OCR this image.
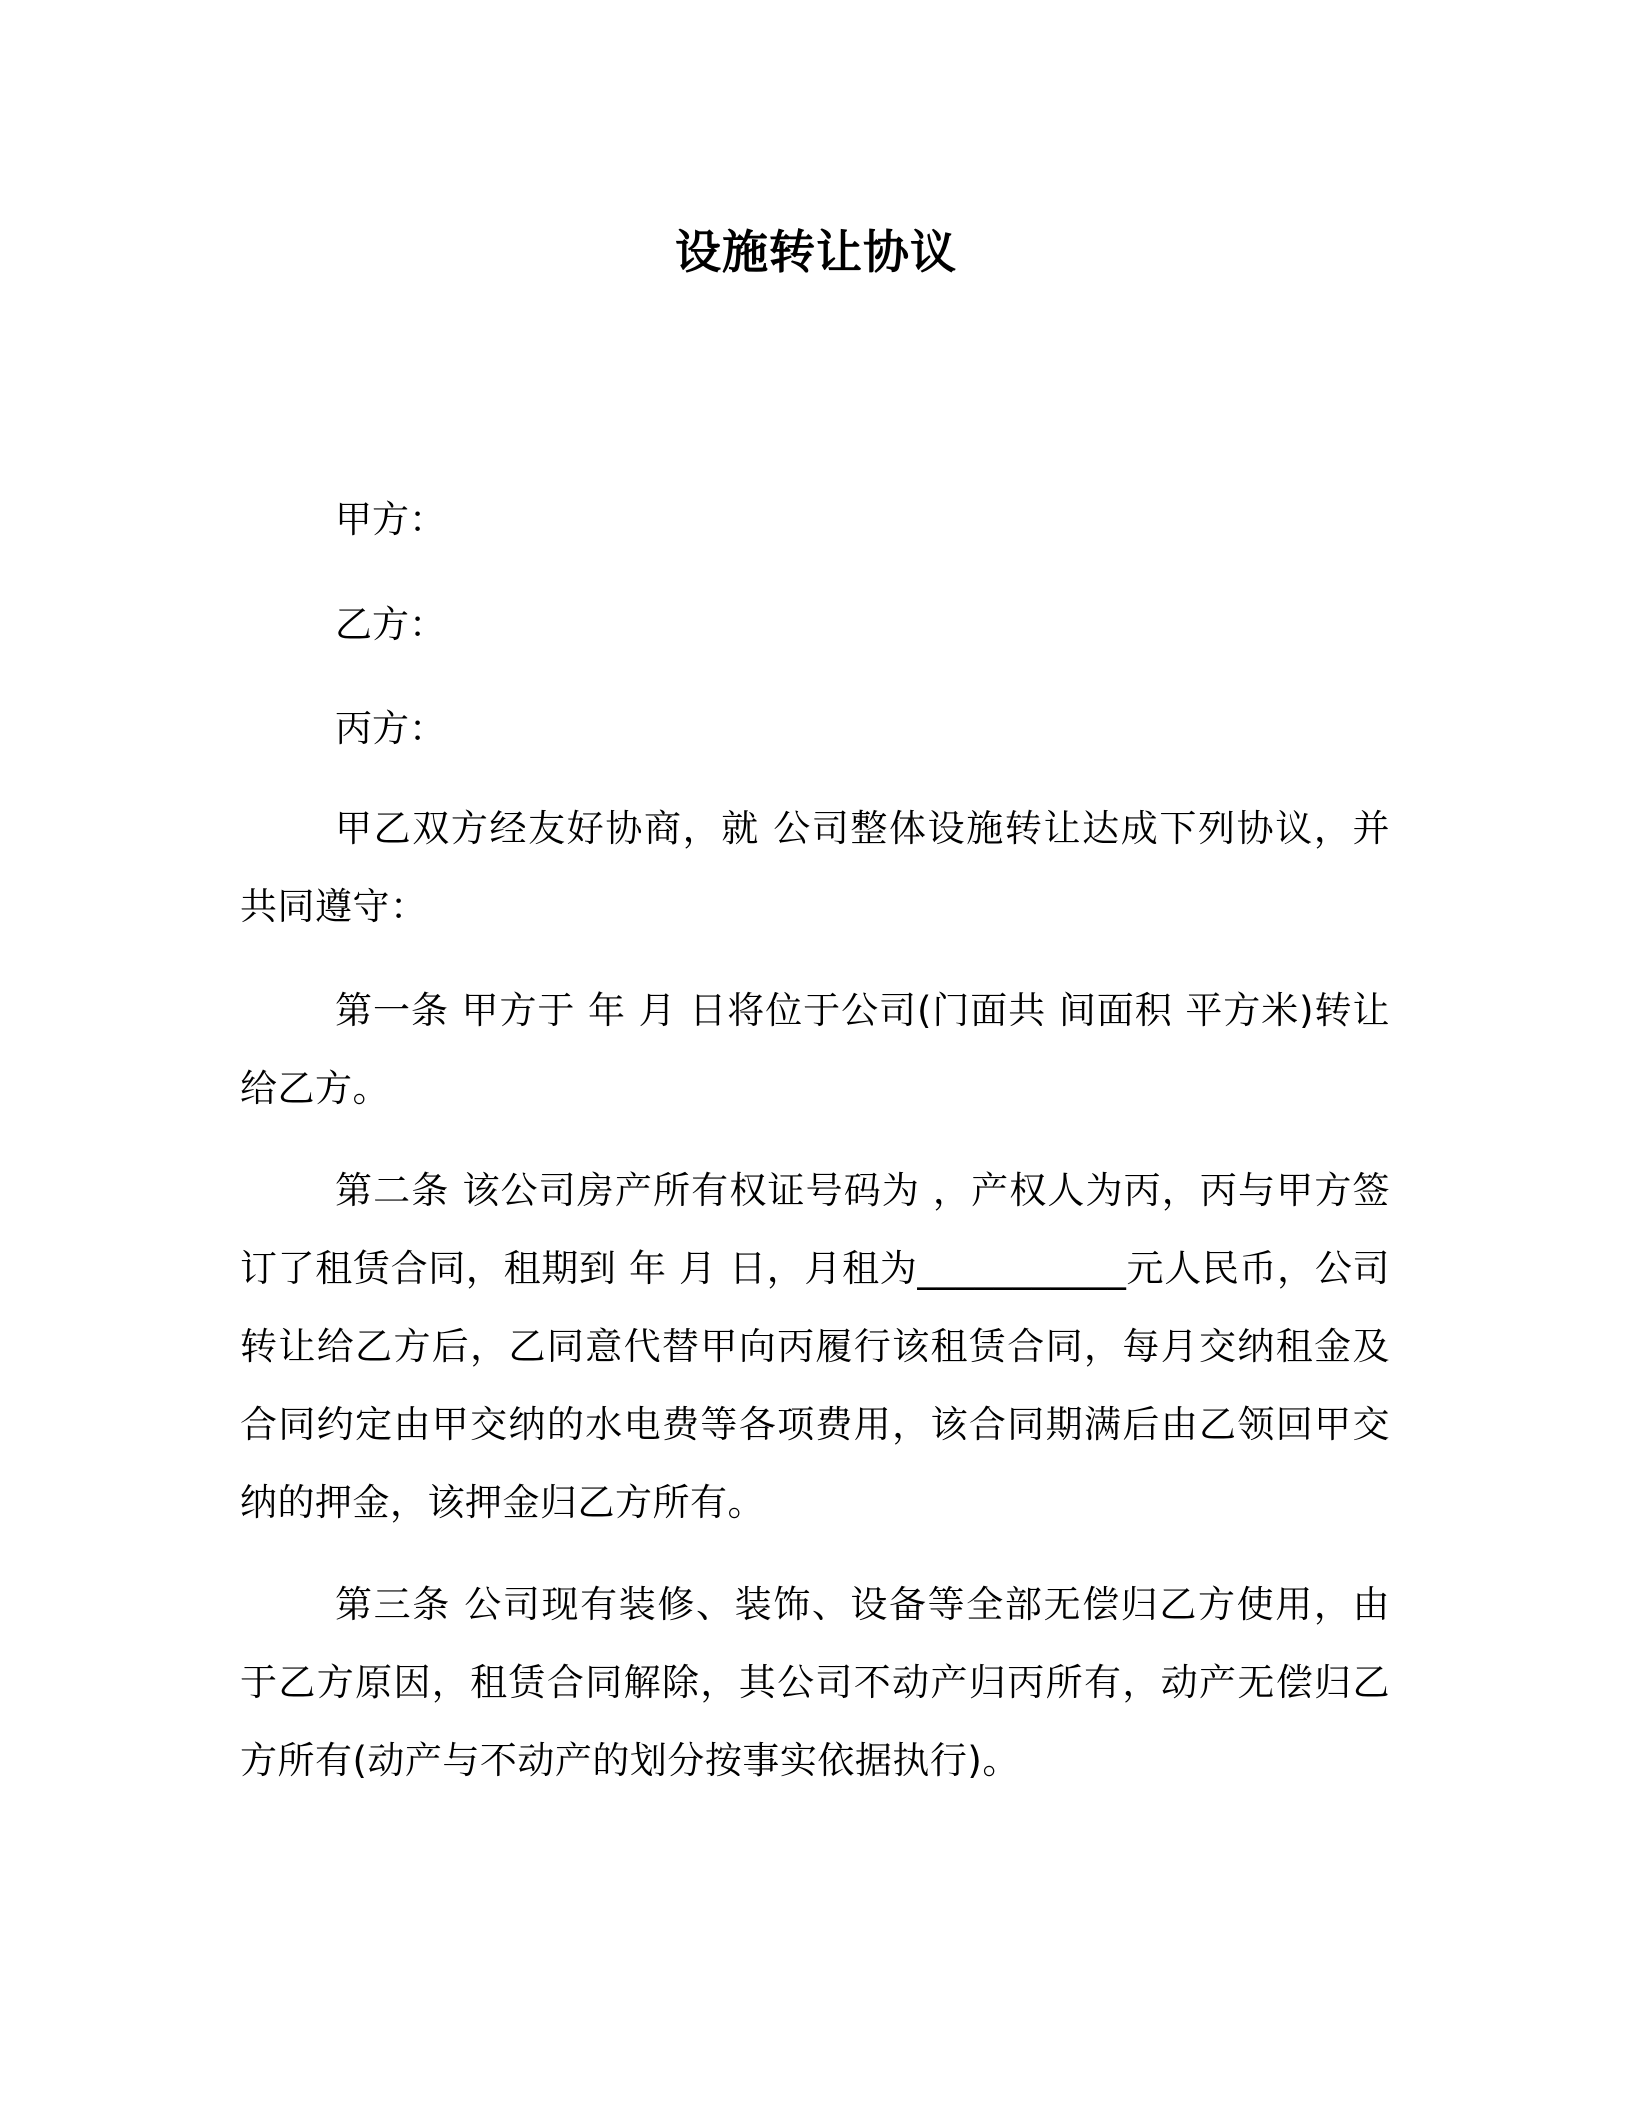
设施转让协议
甲方：
乙方：
丙方：
甲乙双方经友好协商，就 公司整体设施转让达成下列协议，并共同遵守：
第一条 甲方于 年 月 日将位于公司(门面共 间面积 平方米)转让给乙方。
第二条 该公司房产所有权证号码为 ，产权人为丙，丙与甲方签订了租赁合同，租期到 年 月 日，月租为___________元人民币，公司转让给乙方后，乙同意代替甲向丙履行该租赁合同，每月交纳租金及合同约定由甲交纳的水电费等各项费用，该合同期满后由乙领回甲交纳的押金，该押金归乙方所有。
第三条 公司现有装修、装饰、设备等全部无偿归乙方使用，由于乙方原因，租赁合同解除，其公司不动产归丙所有，动产无偿归乙方所有(动产与不动产的划分按事实依据执行)。
